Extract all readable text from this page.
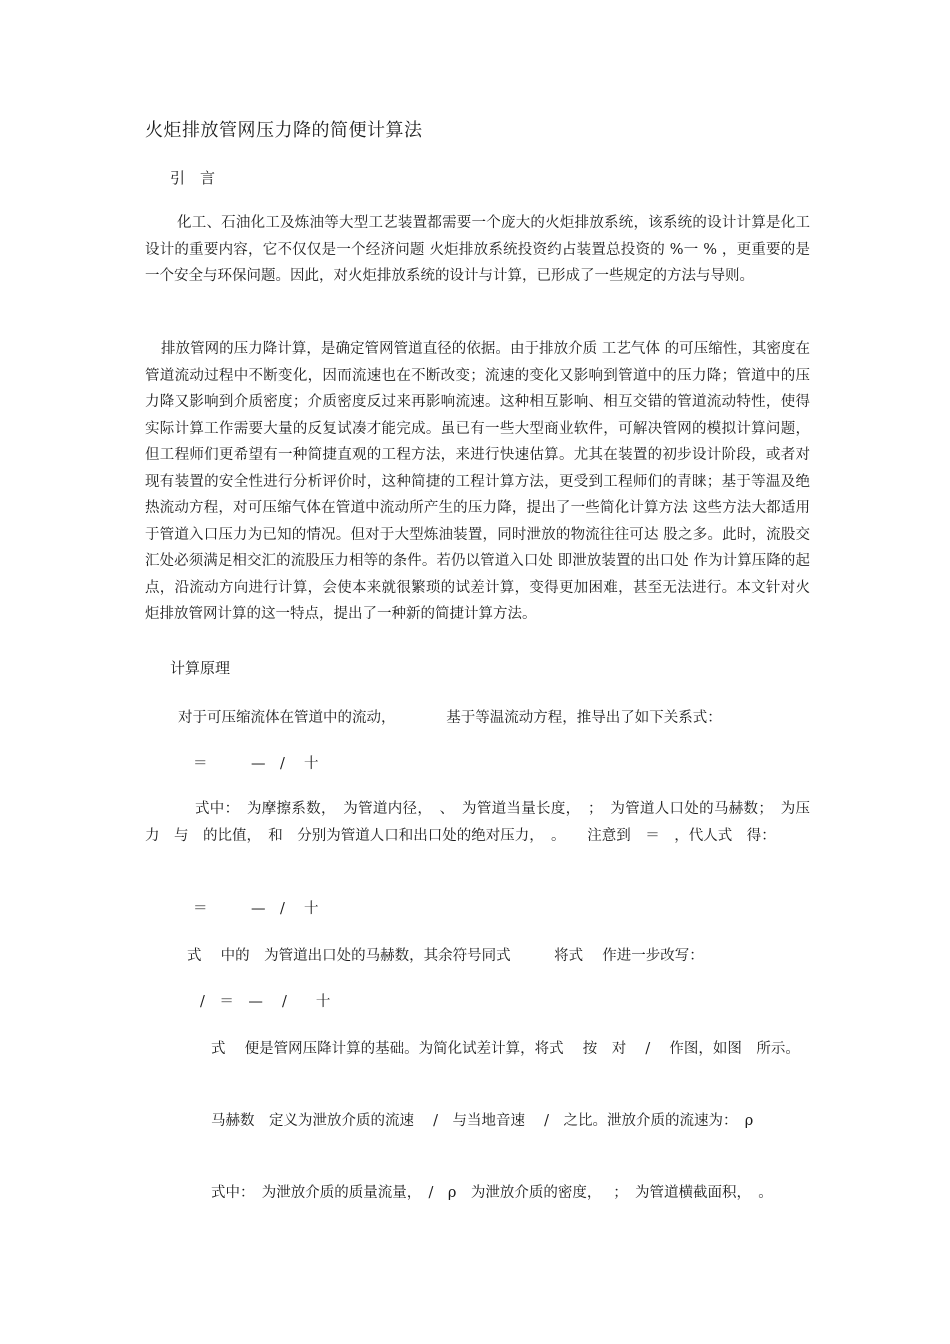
火炬排放管网压力降的简便计算法
引　言
化工、石油化工及炼油等大型工艺装置都需要一个庞大的火炬排放系统，该系统的设计计算是化工设计的重要内容，它不仅仅是一个经济问题 火炬排放系统投资约占装置总投资的 %一 % ，更重要的是一个安全与环保问题。因此，对火炬排放系统的设计与计算，已形成了一些规定的方法与导则。
排放管网的压力降计算，是确定管网管道直径的依据。由于排放介质 工艺气体 的可压缩性，其密度在管道流动过程中不断变化，因而流速也在不断改变；流速的变化又影响到管道中的压力降；管道中的压力降又影响到介质密度；介质密度反过来再影响流速。这种相互影响、相互交错的管道流动特性，使得实际计算工作需要大量的反复试凑才能完成。虽已有一些大型商业软件，可解决管网的模拟计算问题，但工程师们更希望有一种简捷直观的工程方法，来进行快速估算。尤其在装置的初步设计阶段，或者对现有装置的安全性进行分析评价时，这种简捷的工程计算方法，更受到工程师们的青睐；基于等温及绝热流动方程，对可压缩气体在管道中流动所产生的压力降，提出了一些简化计算方法 这些方法大都适用于管道入口压力为已知的情况。但对于大型炼油装置，同时泄放的物流往往可达 股之多。此时，流股交汇处必须满足相交汇的流股压力相等的条件。若仍以管道入口处 即泄放装置的出口处 作为计算压降的起点，沿流动方向进行计算，会使本来就很繁琐的试差计算，变得更加困难，甚至无法进行。本文针对火炬排放管网计算的这一特点，提出了一种新的简捷计算方法。
计算原理
对于可压缩流体在管道中的流动，　　　　基于等温流动方程，推导出了如下关系式：
＝　　　—　/　 十
式中：　为摩擦系数，　为管道内径，　、　为管道当量长度，　；　为管道人口处的马赫数；　为压力　与　的比值，　和　分别为管道人口和出口处的绝对压力，　。　　注意到　＝　，代人式　得：
＝　　　—　/　 十
式　 中的　为管道出口处的马赫数，其余符号同式　　　将式　 作进一步改写：
/　＝　—　 /　　十
式　 便是管网压降计算的基础。为简化试差计算，将式　 按　对　 /　 作图，如图　所示。
马赫数　定义为泄放介质的流速　 /　与当地音速　 /　之比。泄放介质的流速为：　ρ
式中：　为泄放介质的质量流量，　/　ρ　为泄放介质的密度，　 ；　为管道横截面积，　。
